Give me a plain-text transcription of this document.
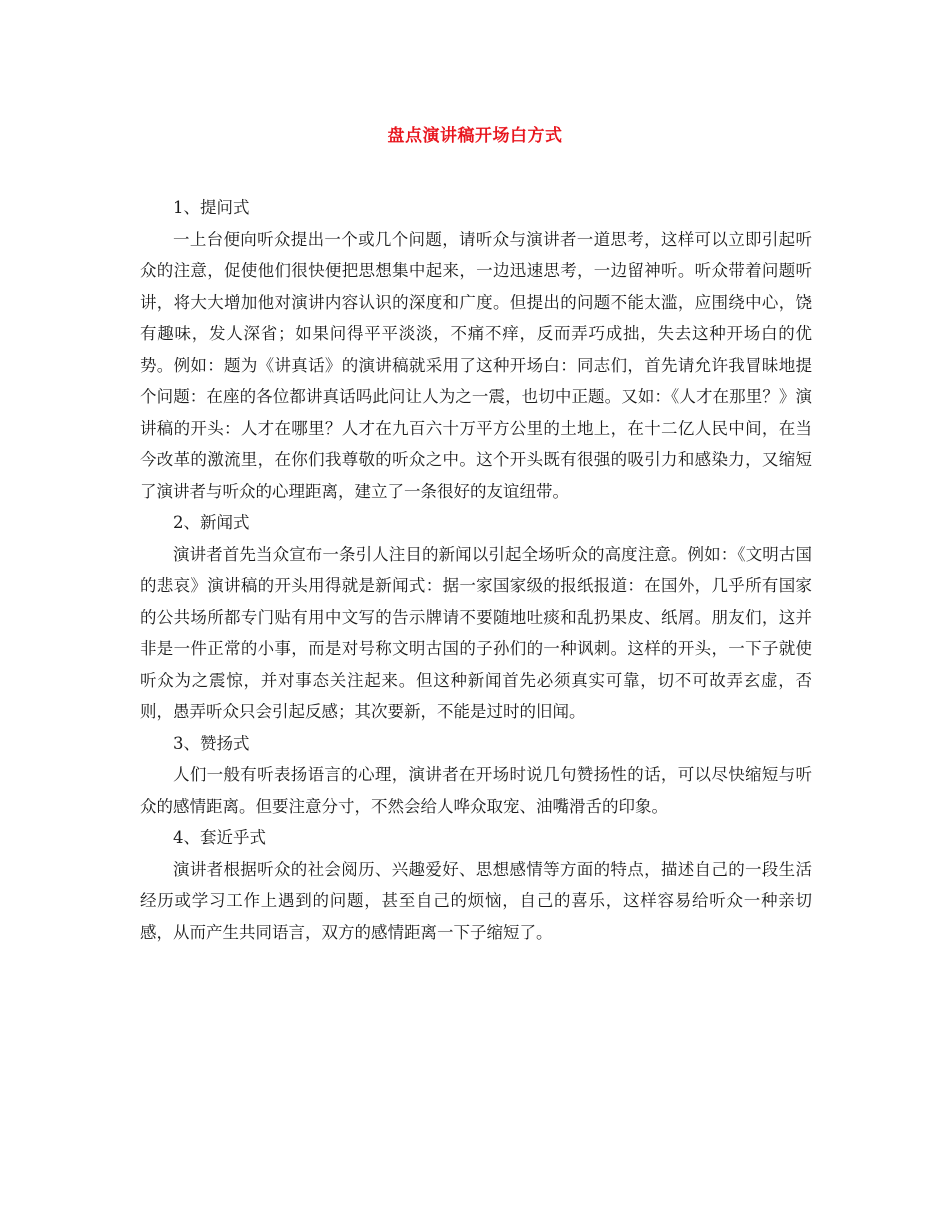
盘点演讲稿开场白方式

1、提问式

一上台便向听众提出一个或几个问题，请听众与演讲者一道思考，这样可以立即引起听众的注意，促使他们很快便把思想集中起来，一边迅速思考，一边留神听。听众带着问题听讲，将大大增加他对演讲内容认识的深度和广度。但提出的问题不能太滥，应围绕中心，饶有趣味，发人深省；如果问得平平淡淡，不痛不痒，反而弄巧成拙，失去这种开场白的优势。例如：题为《讲真话》的演讲稿就采用了这种开场白：同志们，首先请允许我冒昧地提个问题：在座的各位都讲真话吗此问让人为之一震，也切中正题。又如：《人才在那里？》演讲稿的开头：人才在哪里？人才在九百六十万平方公里的土地上，在十二亿人民中间，在当今改革的激流里，在你们我尊敬的听众之中。这个开头既有很强的吸引力和感染力，又缩短了演讲者与听众的心理距离，建立了一条很好的友谊纽带。

2、新闻式

演讲者首先当众宣布一条引人注目的新闻以引起全场听众的高度注意。例如：《文明古国的悲哀》演讲稿的开头用得就是新闻式：据一家国家级的报纸报道：在国外，几乎所有国家的公共场所都专门贴有用中文写的告示牌请不要随地吐痰和乱扔果皮、纸屑。朋友们，这并非是一件正常的小事，而是对号称文明古国的子孙们的一种讽刺。这样的开头，一下子就使听众为之震惊，并对事态关注起来。但这种新闻首先必须真实可靠，切不可故弄玄虚，否则，愚弄听众只会引起反感；其次要新，不能是过时的旧闻。

3、赞扬式

人们一般有听表扬语言的心理，演讲者在开场时说几句赞扬性的话，可以尽快缩短与听众的感情距离。但要注意分寸，不然会给人哗众取宠、油嘴滑舌的印象。

4、套近乎式

演讲者根据听众的社会阅历、兴趣爱好、思想感情等方面的特点，描述自己的一段生活经历或学习工作上遇到的问题，甚至自己的烦恼，自己的喜乐，这样容易给听众一种亲切感，从而产生共同语言，双方的感情距离一下子缩短了。
